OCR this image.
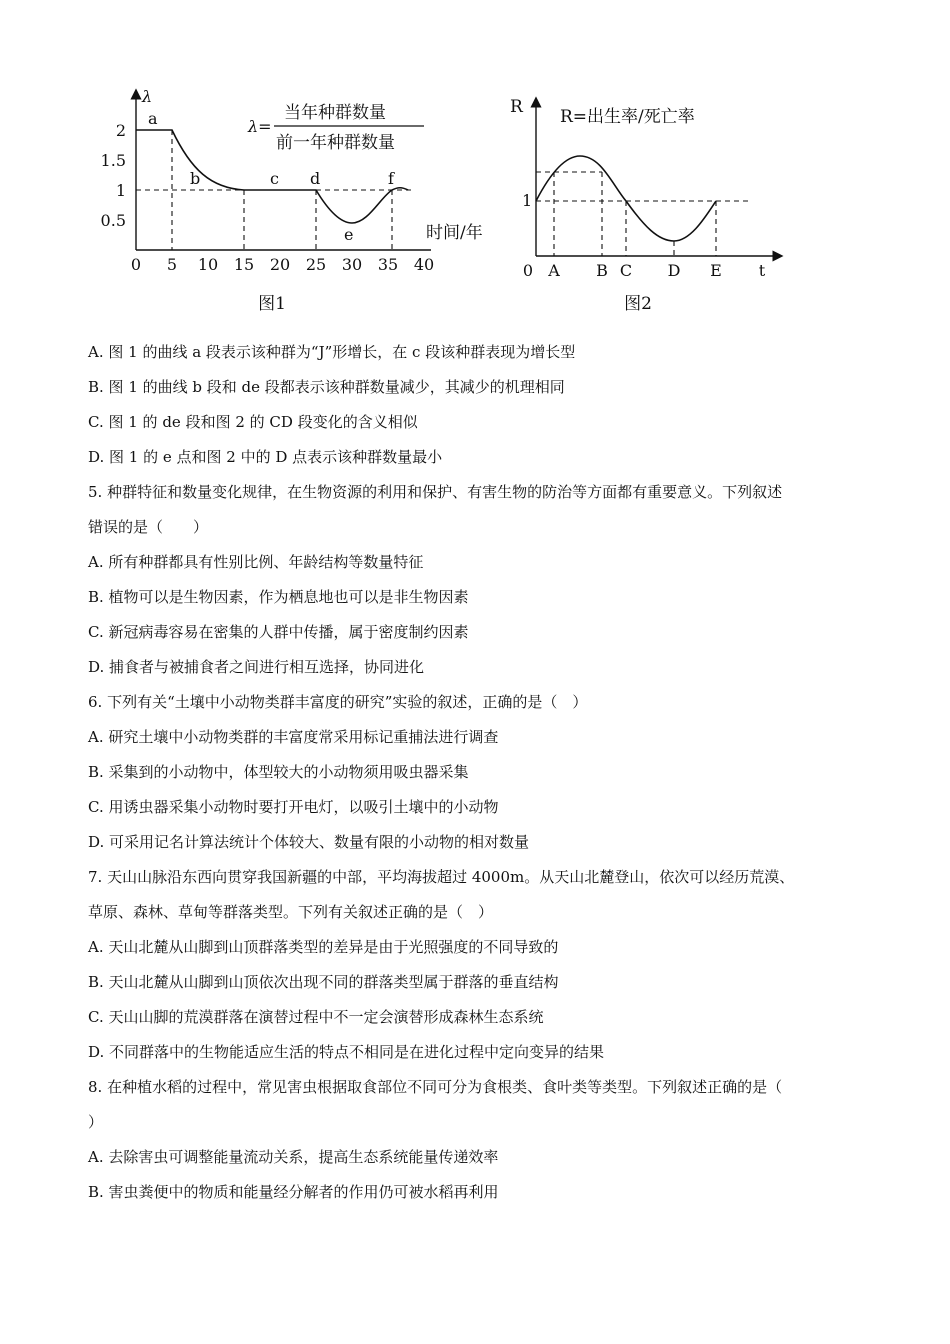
λ
2
1.5
1
0.5
0 5 10 15 20 25 30 35 40
时间/年
a
b	c d
e
f
λ=
当年种群数量
前一年种群数量
图1
R R=出生率/死亡率
1
0 A B C D E t
图2
A. 图 1 的曲线 a 段表示该种群为“J”形增长，在 c 段该种群表现为增长型
B. 图 1 的曲线 b 段和 de 段都表示该种群数量减少，其减少的机理相同
C. 图 1 的 de 段和图 2 的 CD 段变化的含义相似
D. 图 1 的 e 点和图 2 中的 D 点表示该种群数量最小
5. 种群特征和数量变化规律，在生物资源的利用和保护、有害生物的防治等方面都有重要意义。下列叙述
错误的是（　　）
A. 所有种群都具有性别比例、年龄结构等数量特征
B. 植物可以是生物因素，作为栖息地也可以是非生物因素
C. 新冠病毒容易在密集的人群中传播，属于密度制约因素
D. 捕食者与被捕食者之间进行相互选择，协同进化
6. 下列有关“土壤中小动物类群丰富度的研究”实验的叙述，正确的是（　）
A. 研究土壤中小动物类群的丰富度常采用标记重捕法进行调查
B. 采集到的小动物中，体型较大的小动物须用吸虫器采集
C. 用诱虫器采集小动物时要打开电灯，以吸引土壤中的小动物
D. 可采用记名计算法统计个体较大、数量有限的小动物的相对数量
7. 天山山脉沿东西向贯穿我国新疆的中部，平均海拔超过 4000m。从天山北麓登山，依次可以经历荒漠、
草原、森林、草甸等群落类型。下列有关叙述正确的是（　）
A. 天山北麓从山脚到山顶群落类型的差异是由于光照强度的不同导致的
B. 天山北麓从山脚到山顶依次出现不同的群落类型属于群落的垂直结构
C. 天山山脚的荒漠群落在演替过程中不一定会演替形成森林生态系统
D. 不同群落中的生物能适应生活的特点不相同是在进化过程中定向变异的结果
8. 在种植水稻的过程中，常见害虫根据取食部位不同可分为食根类、食叶类等类型。下列叙述正确的是（
）
A. 去除害虫可调整能量流动关系，提高生态系统能量传递效率
B. 害虫粪便中的物质和能量经分解者的作用仍可被水稻再利用
